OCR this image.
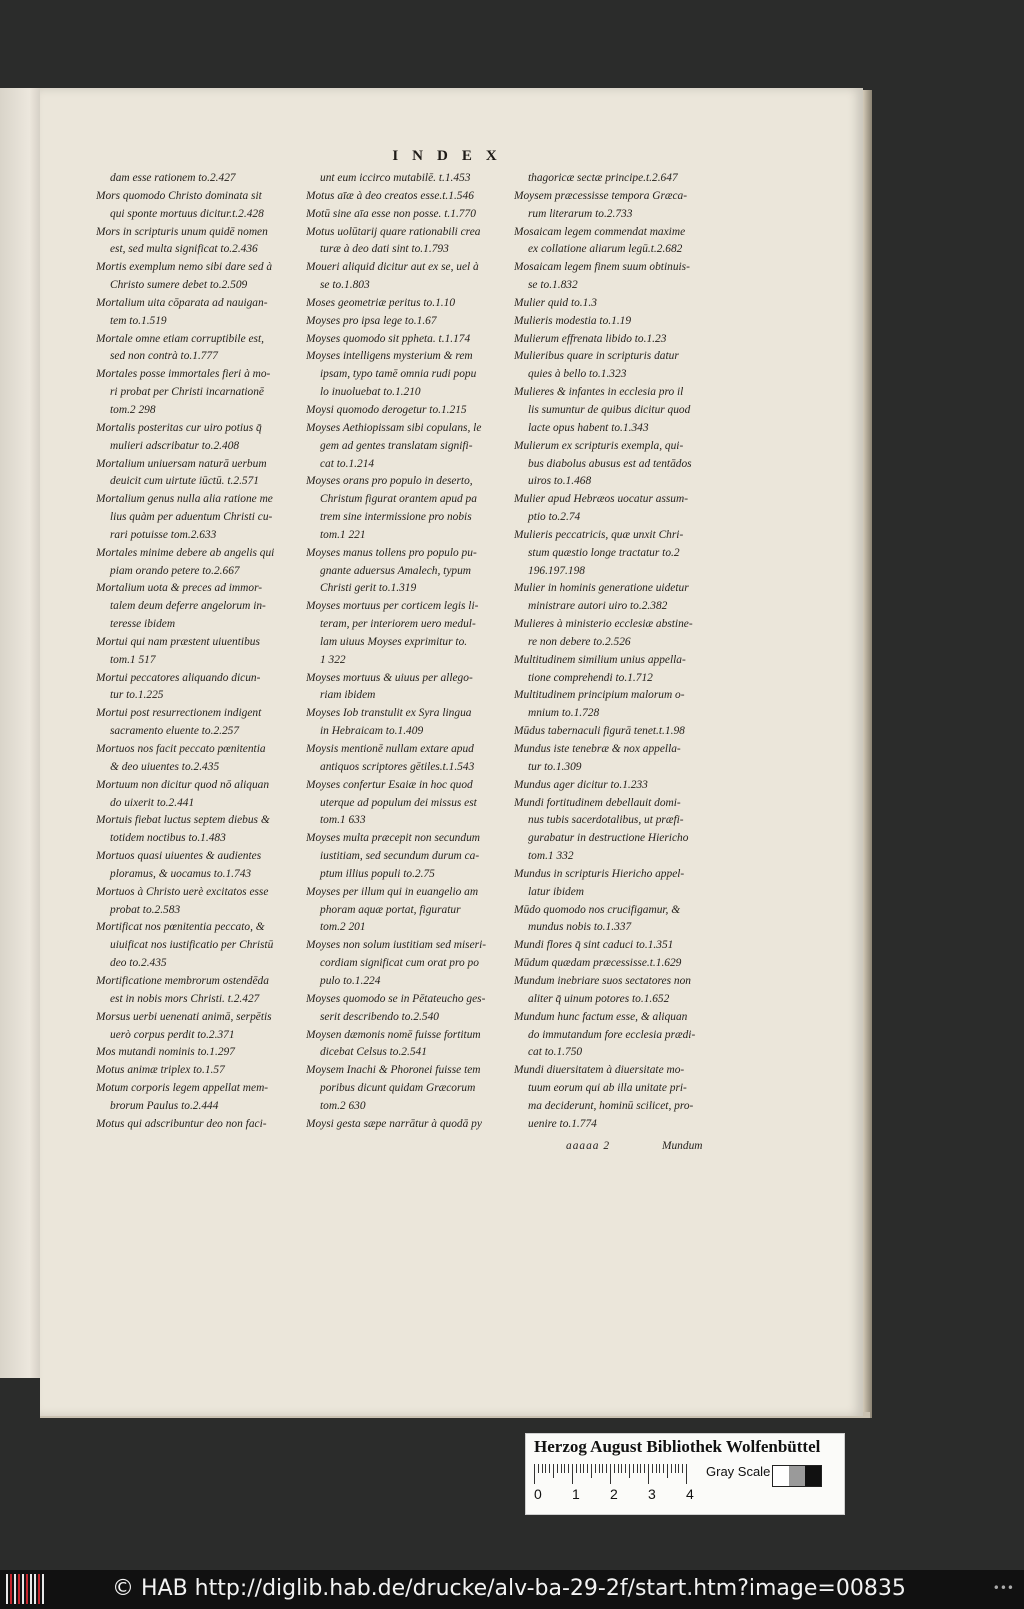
INDEX
dam esse rationem to.2.427
Mors quomodo Christo dominata sit
qui sponte mortuus dicitur.t.2.428
Mors in scripturis unum quidē nomen
est, sed multa significat to.2.436
Mortis exemplum nemo sibi dare sed à
Christo sumere debet to.2.509
Mortalium uita cōparata ad nauigan-
tem to.1.519
Mortale omne etiam corruptibile est,
sed non contrà to.1.777
Mortales posse immortales fieri à mo-
ri probat per Christi incarnationē
tom.2 298
Mortalis posteritas cur uiro potius q̄
mulieri adscribatur to.2.408
Mortalium uniuersam naturā uerbum
deuicit cum uirtute iūctū. t.2.571
Mortalium genus nulla alia ratione me
lius quàm per aduentum Christi cu-
rari potuisse tom.2.633
Mortales minime debere ab angelis qui
piam orando petere to.2.667
Mortalium uota & preces ad immor-
talem deum deferre angelorum in-
teresse ibidem
Mortui qui nam præstent uiuentibus
tom.1 517
Mortui peccatores aliquando dicun-
tur to.1.225
Mortui post resurrectionem indigent
sacramento eluente to.2.257
Mortuos nos facit peccato pœnitentia
& deo uiuentes to.2.435
Mortuum non dicitur quod nō aliquan
do uixerit to.2.441
Mortuis fiebat luctus septem diebus &
totidem noctibus to.1.483
Mortuos quasi uiuentes & audientes
ploramus, & uocamus to.1.743
Mortuos à Christo uerè excitatos esse
probat to.2.583
Mortificat nos pœnitentia peccato, &
uiuificat nos iustificatio per Christū
deo to.2.435
Mortificatione membrorum ostendēda
est in nobis mors Christi. t.2.427
Morsus uerbi uenenati animā, serpētis
uerò corpus perdit to.2.371
Mos mutandi nominis to.1.297
Motus animæ triplex to.1.57
Motum corporis legem appellat mem-
brorum Paulus to.2.444
Motus qui adscribuntur deo non faci-
unt eum iccirco mutabilē. t.1.453
Motus aīæ à deo creatos esse.t.1.546
Motū sine aīa esse non posse. t.1.770
Motus uolūtarij quare rationabili crea
turæ à deo dati sint to.1.793
Moueri aliquid dicitur aut ex se, uel à
se to.1.803
Moses geometriæ peritus to.1.10
Moyses pro ipsa lege to.1.67
Moyses quomodo sit ppheta. t.1.174
Moyses intelligens mysterium & rem
ipsam, typo tamē omnia rudi popu
lo inuoluebat to.1.210
Moysi quomodo derogetur to.1.215
Moyses Aethiopissam sibi copulans, le
gem ad gentes translatam signifi-
cat to.1.214
Moyses orans pro populo in deserto,
Christum figurat orantem apud pa
trem sine intermissione pro nobis
tom.1 221
Moyses manus tollens pro populo pu-
gnante aduersus Amalech, typum
Christi gerit to.1.319
Moyses mortuus per corticem legis li-
teram, per interiorem uero medul-
lam uiuus Moyses exprimitur to.
1 322
Moyses mortuus & uiuus per allego-
riam ibidem
Moyses Iob transtulit ex Syra lingua
in Hebraicam to.1.409
Moysis mentionē nullam extare apud
antiquos scriptores gētiles.t.1.543
Moyses confertur Esaiæ in hoc quod
uterque ad populum dei missus est
tom.1 633
Moyses multa præcepit non secundum
iustitiam, sed secundum durum ca-
ptum illius populi to.2.75
Moyses per illum qui in euangelio am
phoram aquæ portat, figuratur
tom.2 201
Moyses non solum iustitiam sed miseri-
cordiam significat cum orat pro po
pulo to.1.224
Moyses quomodo se in Pētateucho ges-
serit describendo to.2.540
Moysen dæmonis nomē fuisse fortitum
dicebat Celsus to.2.541
Moysem Inachi & Phoronei fuisse tem
poribus dicunt quidam Græcorum
tom.2 630
Moysi gesta sæpe narrātur à quodā py
thagoricæ sectæ principe.t.2.647
Moysem præcessisse tempora Græca-
rum literarum to.2.733
Mosaicam legem commendat maxime
ex collatione aliarum legū.t.2.682
Mosaicam legem finem suum obtinuis-
se to.1.832
Mulier quid to.1.3
Mulieris modestia to.1.19
Mulierum effrenata libido to.1.23
Mulieribus quare in scripturis datur
quies à bello to.1.323
Mulieres & infantes in ecclesia pro il
lis sumuntur de quibus dicitur quod
lacte opus habent to.1.343
Mulierum ex scripturis exempla, qui-
bus diabolus abusus est ad tentādos
uiros to.1.468
Mulier apud Hebræos uocatur assum-
ptio to.2.74
Mulieris peccatricis, quæ unxit Chri-
stum quæstio longe tractatur to.2
196.197.198
Mulier in hominis generatione uidetur
ministrare autori uiro to.2.382
Mulieres à ministerio ecclesiæ abstine-
re non debere to.2.526
Multitudinem similium unius appella-
tione comprehendi to.1.712
Multitudinem principium malorum o-
mnium to.1.728
Mūdus tabernaculi figurā tenet.t.1.98
Mundus iste tenebræ & nox appella-
tur to.1.309
Mundus ager dicitur to.1.233
Mundi fortitudinem debellauit domi-
nus tubis sacerdotalibus, ut præfi-
gurabatur in destructione Hiericho
tom.1 332
Mundus in scripturis Hiericho appel-
latur ibidem
Mūdo quomodo nos crucifigamur, &
mundus nobis to.1.337
Mundi flores q̄ sint caduci to.1.351
Mūdum quædam præcessisse.t.1.629
Mundum inebriare suos sectatores non
aliter q̄ uinum potores to.1.652
Mundum hunc factum esse, & aliquan
do immutandum fore ecclesia prædi-
cat to.1.750
Mundi diuersitatem à diuersitate mo-
tuum eorum qui ab illa unitate pri-
ma deciderunt, hominū scilicet, pro-
uenire to.1.774
aaaaa 2	Mundum
Herzog August Bibliothek Wolfenbüttel
0 1 2 3 4
Gray Scale
© HAB http://diglib.hab.de/drucke/alv-ba-29-2f/start.htm?image=00835	•••
